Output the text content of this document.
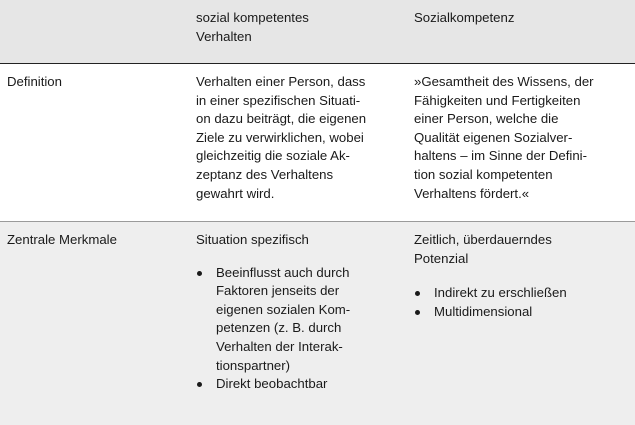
sozial kompetentes
Verhalten
Sozialkompetenz
Definition	Verhalten einer Person, dass
in einer spezifischen Situati-
on dazu beiträgt, die eigenen
Ziele zu verwirklichen, wobei
gleichzeitig die soziale Ak-
zeptanz des Verhaltens
gewahrt wird.
»Gesamtheit des Wissens, der
Fähigkeiten und Fertigkeiten
einer Person, welche die
Qualität eigenen Sozialver-
haltens – im Sinne der Defini-
tion sozial kompetenten
Verhaltens fördert.«
Zentrale Merkmale	Situation spezifisch
Beeinflusst auch durch
Faktoren jenseits der
eigenen sozialen Kom-
petenzen (z. B. durch
Verhalten der Interak-
tionspartner)
Direkt beobachtbar
Zeitlich, überdauerndes
Potenzial
Indirekt zu erschließen
Multidimensional
